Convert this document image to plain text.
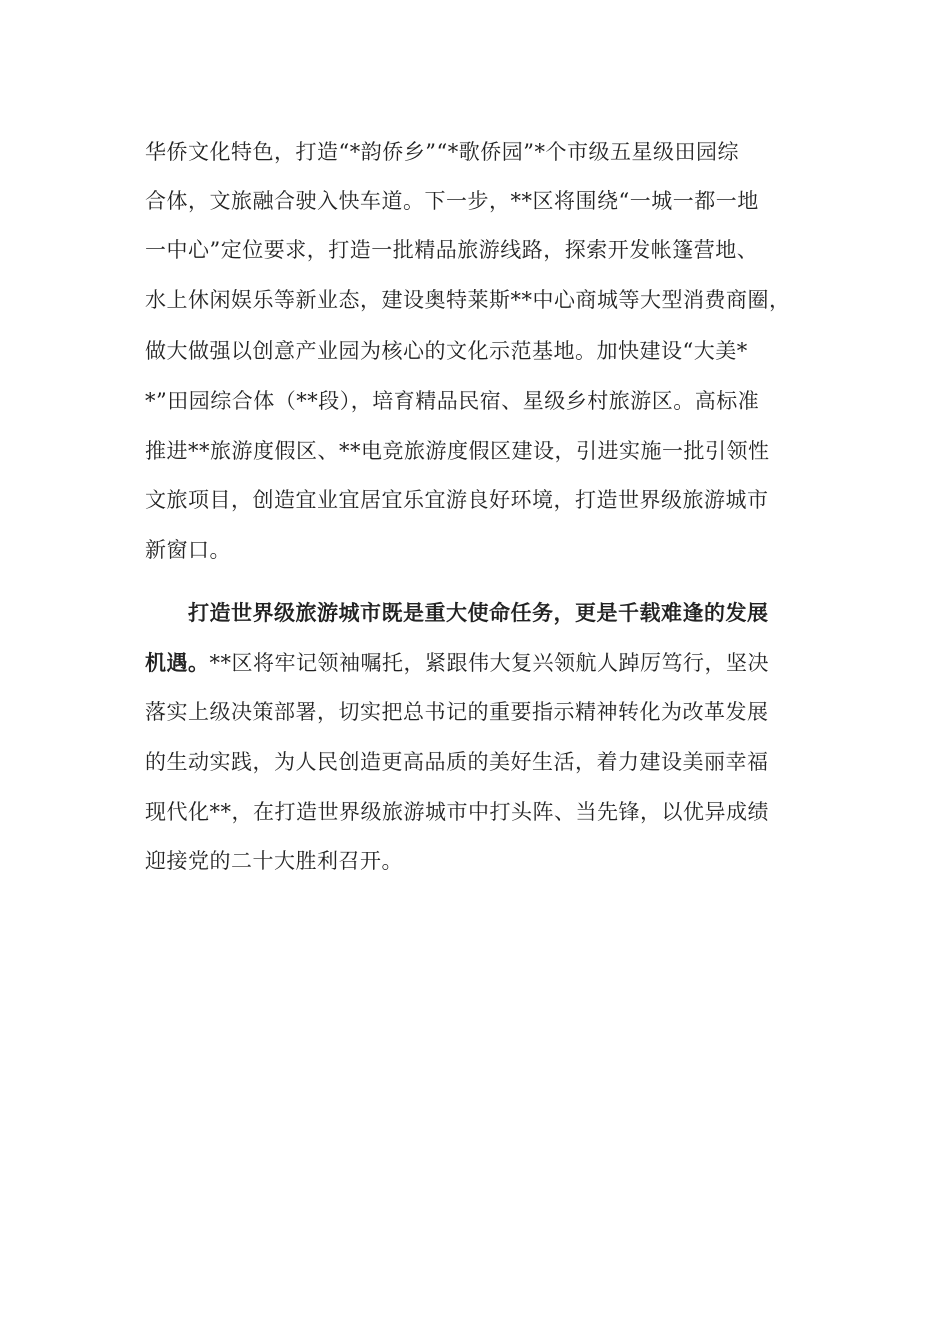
华侨文化特色，打造“*韵侨乡”“*歌侨园”*个市级五星级田园综
合体，文旅融合驶入快车道。下一步，**区将围绕“一城一都一地
一中心”定位要求，打造一批精品旅游线路，探索开发帐篷营地、
水上休闲娱乐等新业态，建设奥特莱斯**中心商城等大型消费商圈，
做大做强以创意产业园为核心的文化示范基地。加快建设“大美*
*”田园综合体（**段），培育精品民宿、星级乡村旅游区。高标准
推进**旅游度假区、**电竞旅游度假区建设，引进实施一批引领性
文旅项目，创造宜业宜居宜乐宜游良好环境，打造世界级旅游城市
新窗口。
打造世界级旅游城市既是重大使命任务，更是千载难逢的发展
机遇。**区将牢记领袖嘱托，紧跟伟大复兴领航人踔厉笃行，坚决
落实上级决策部署，切实把总书记的重要指示精神转化为改革发展
的生动实践，为人民创造更高品质的美好生活，着力建设美丽幸福
现代化**，在打造世界级旅游城市中打头阵、当先锋，以优异成绩
迎接党的二十大胜利召开。
